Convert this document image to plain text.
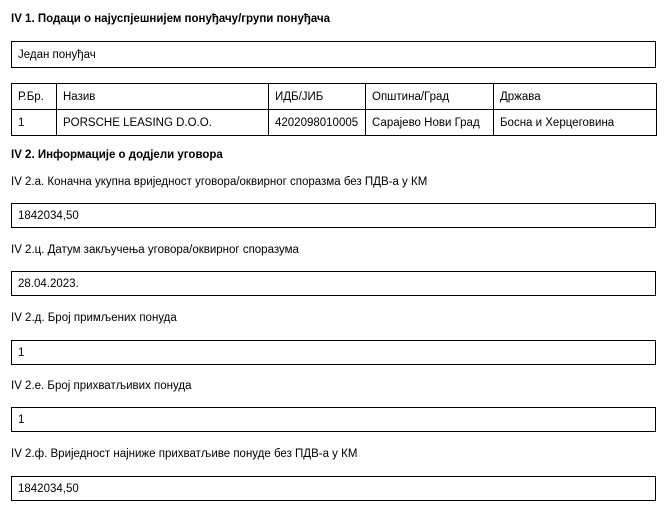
IV 1. Подаци о најуспјешнијем понуђачу/групи понуђача
Један понуђач
Р.Бр.	Назив	ИДБ/ЈИБ	Општина/Град	Држава
1	PORSCHE LEASING D.O.O.	4202098010005	Сарајево Нови Град	Босна и Херцеговина
IV 2. Информације о додјели уговора
IV 2.а. Коначна укупна вриједност уговора/оквирног споразма без ПДВ-а у КМ
1842034,50
IV 2.ц. Датум закључења уговора/оквирног споразума
28.04.2023.
IV 2.д. Број примљених понуда
1
IV 2.е. Број прихватљивих понуда
1
IV 2.ф. Вриједност најниже прихватљиве понуде без ПДВ-а у КМ
1842034,50
